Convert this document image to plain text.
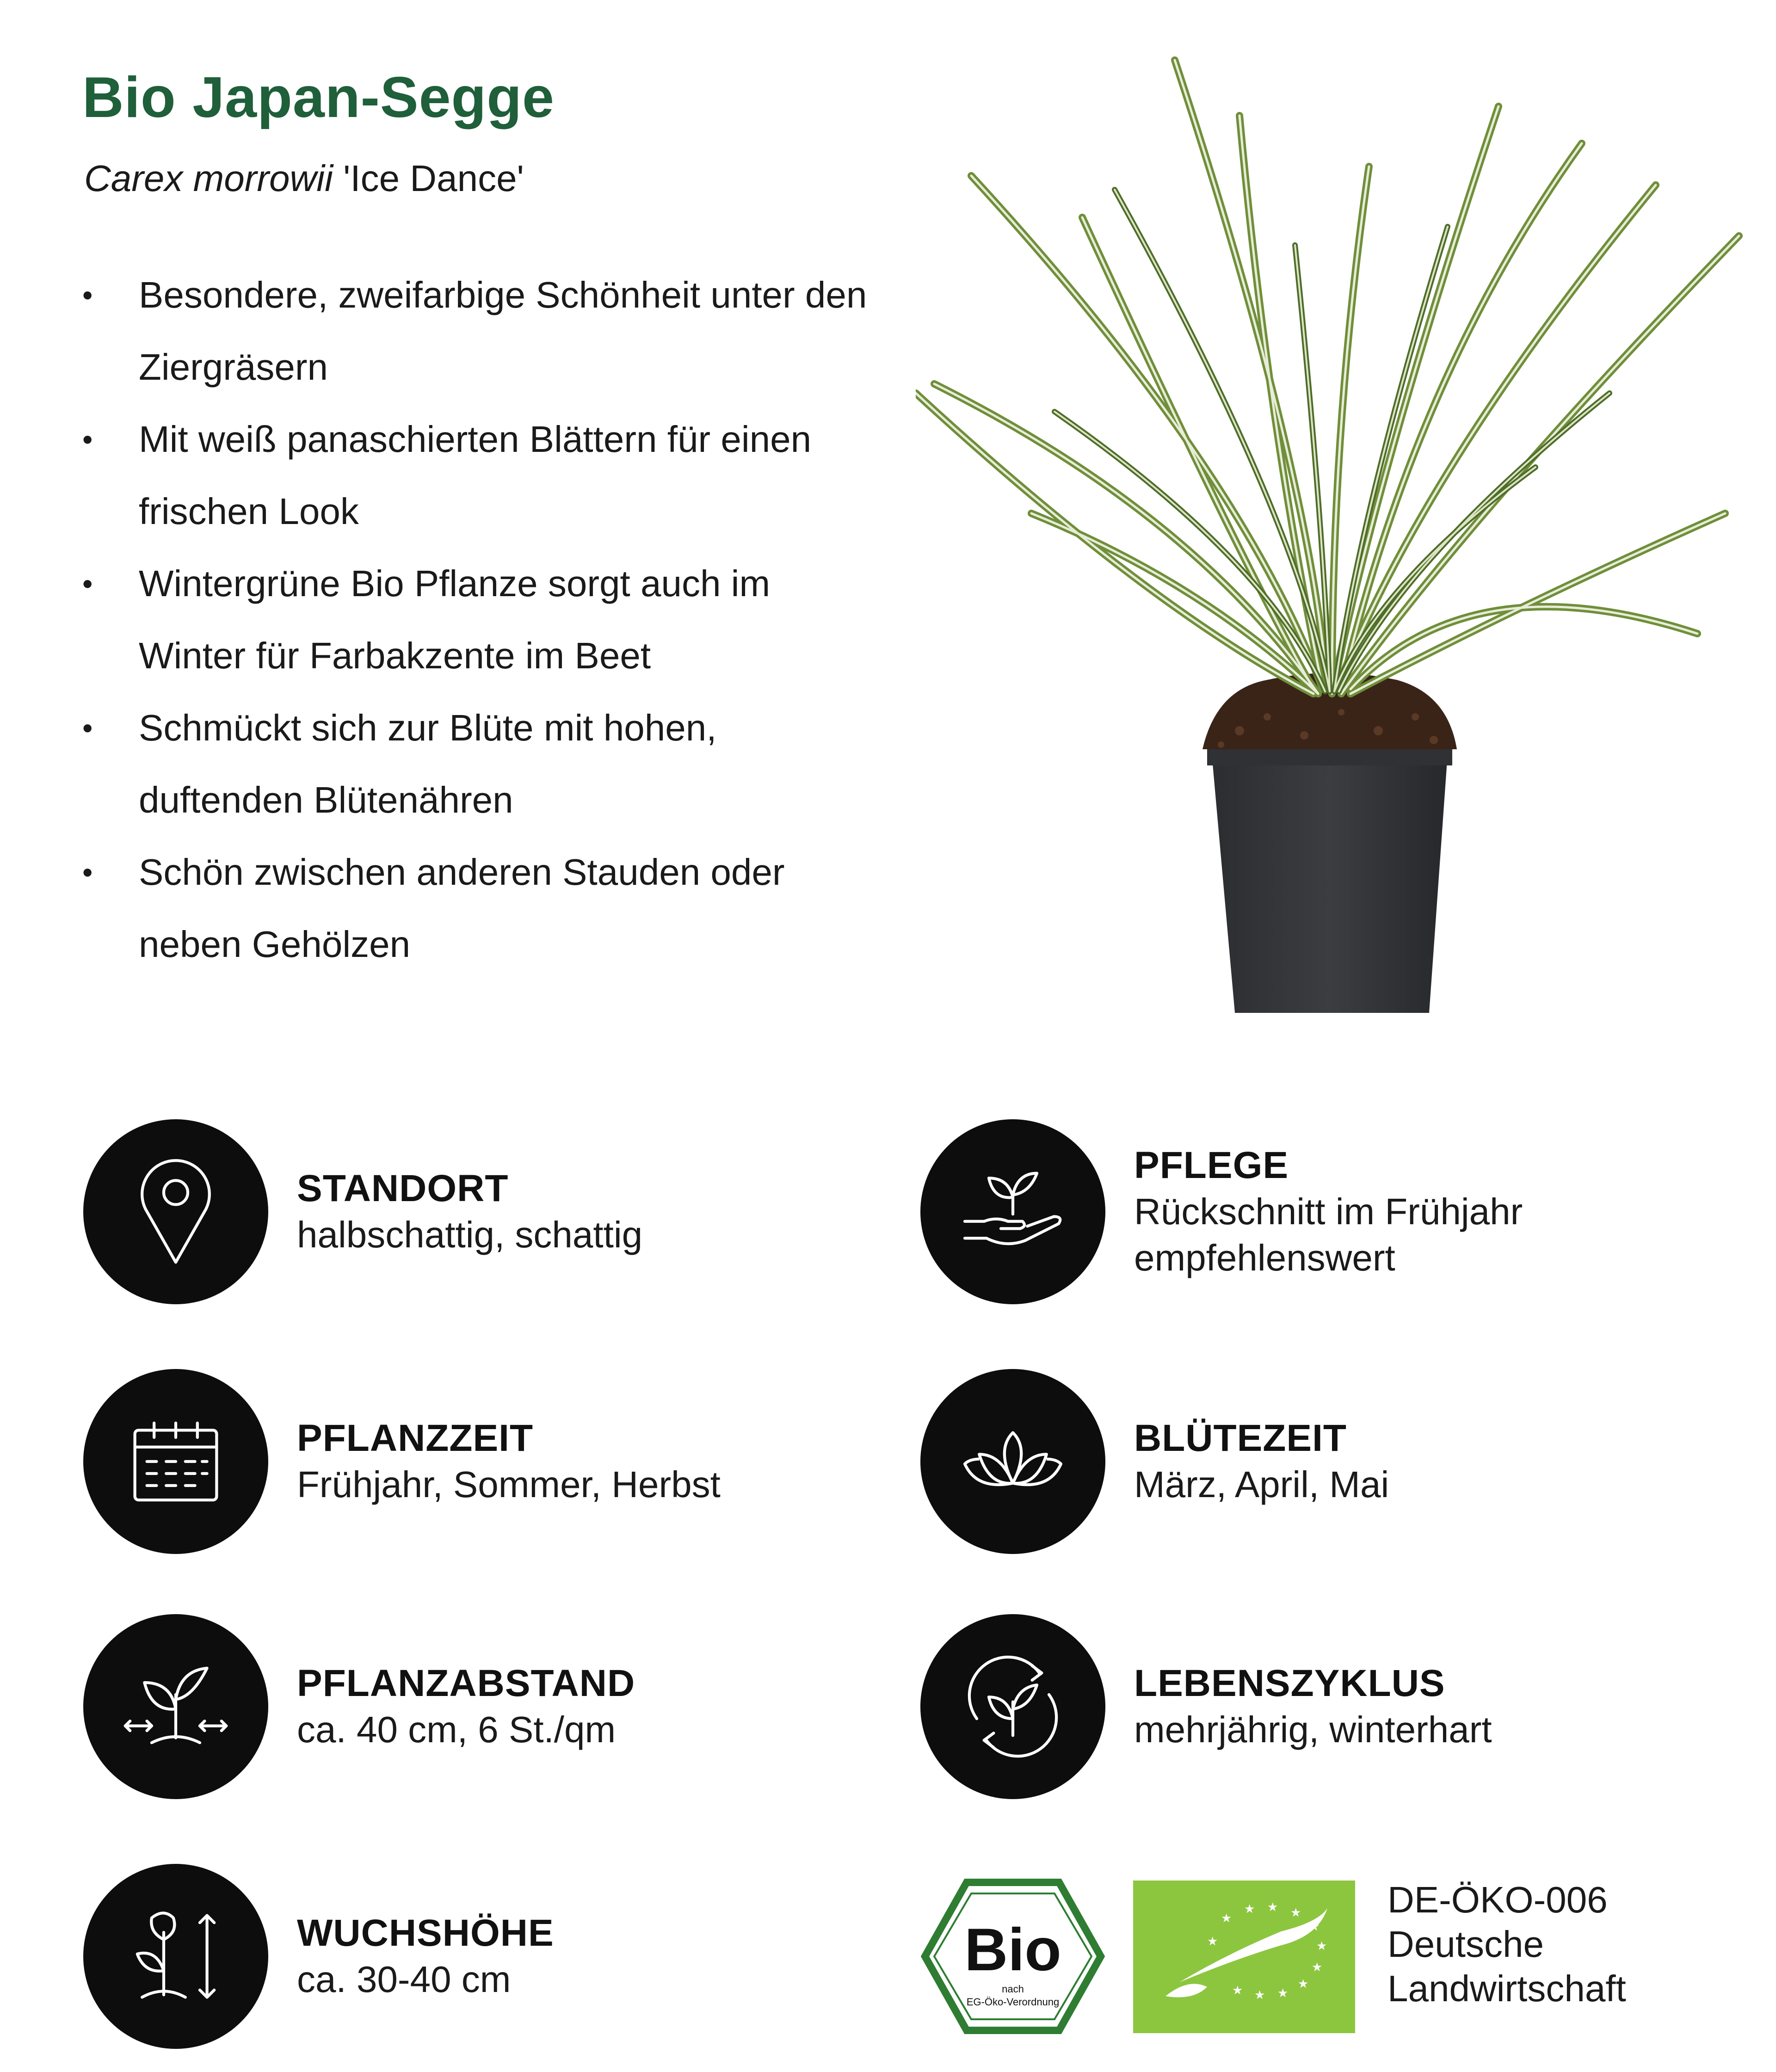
Bio Japan-Segge
Carex morrowii 'Ice Dance'
• Besondere, zweifarbige Schönheit unter den Ziergräsern
• Mit weiß panaschierten Blättern für einen frischen Look
• Wintergrüne Bio Pflanze sorgt auch im Winter für Farbakzente im Beet
• Schmückt sich zur Blüte mit hohen, duftenden Blütenähren
• Schön zwischen anderen Stauden oder neben Gehölzen
STANDORT
halbschattig, schattig
PFLEGE
Rückschnitt im Frühjahr
empfehlenswert
PFLANZZEIT
Frühjahr, Sommer, Herbst
BLÜTEZEIT
März, April, Mai
PFLANZABSTAND
ca. 40 cm, 6 St./qm
LEBENSZYKLUS
mehrjährig, winterhart
WUCHSHÖHE
ca. 30-40 cm	Bio
nach
EG-Öko-Verordnung
★
★ ★ ★
★
★
★
★
★
★
★
★
DE-ÖKO-006
Deutsche
Landwirtschaft
